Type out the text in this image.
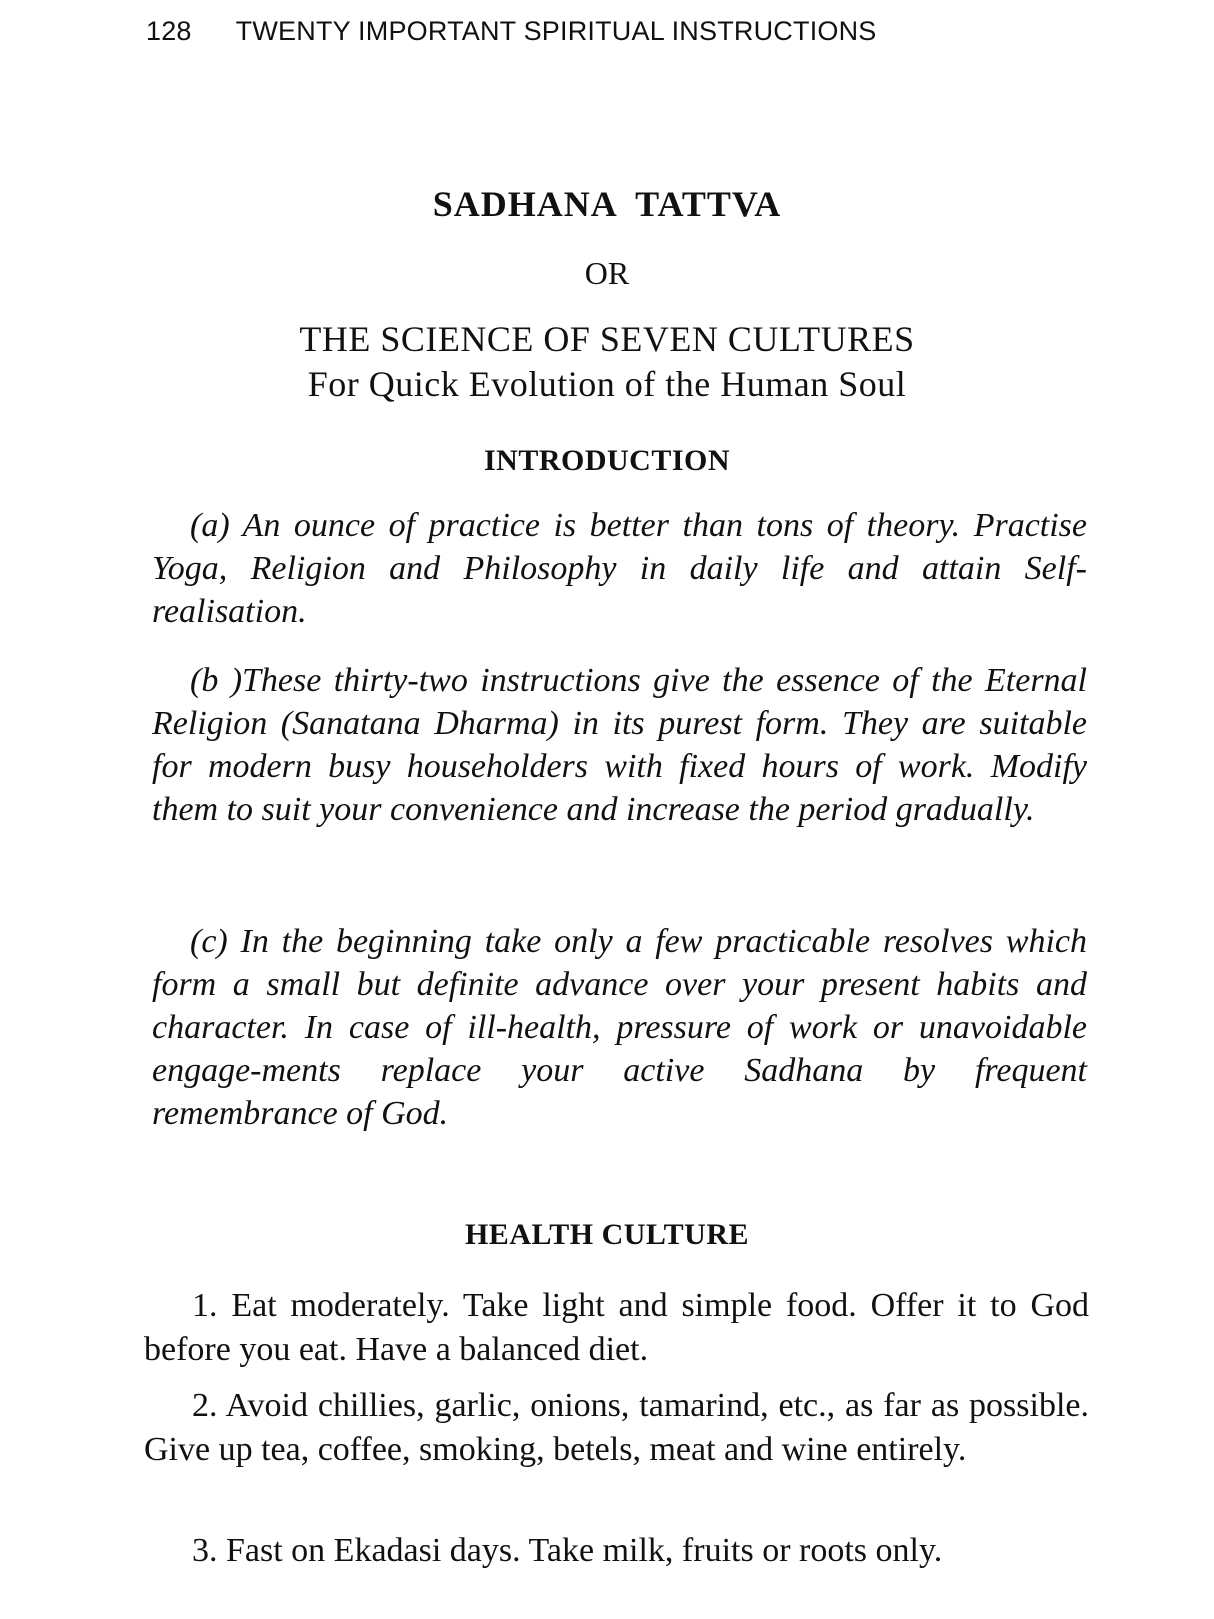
128 TWENTY IMPORTANT SPIRITUAL INSTRUCTIONS
SADHANA TATTVA
OR
THE SCIENCE OF SEVEN CULTURES
For Quick Evolution of the Human Soul
INTRODUCTION

(a) An ounce of practice is better than tons of theory. Practise Yoga, Religion and Philosophy in daily life and attain Self-realisation.

(b )These thirty-two instructions give the essence of the Eternal Religion (Sanatana Dharma) in its purest form. They are suitable for modern busy householders with fixed hours of work. Modify them to suit your convenience and increase the period gradually.

(c) In the beginning take only a few practicable resolves which form a small but definite advance over your present habits and character. In case of ill-health, pressure of work or unavoidable engage-ments replace your active Sadhana by frequent remembrance of God.

HEALTH CULTURE

1. Eat moderately. Take light and simple food. Offer it to God before you eat. Have a balanced diet.

2. Avoid chillies, garlic, onions, tamarind, etc., as far as possible. Give up tea, coffee, smoking, betels, meat and wine entirely.

3. Fast on Ekadasi days. Take milk, fruits or roots only.
